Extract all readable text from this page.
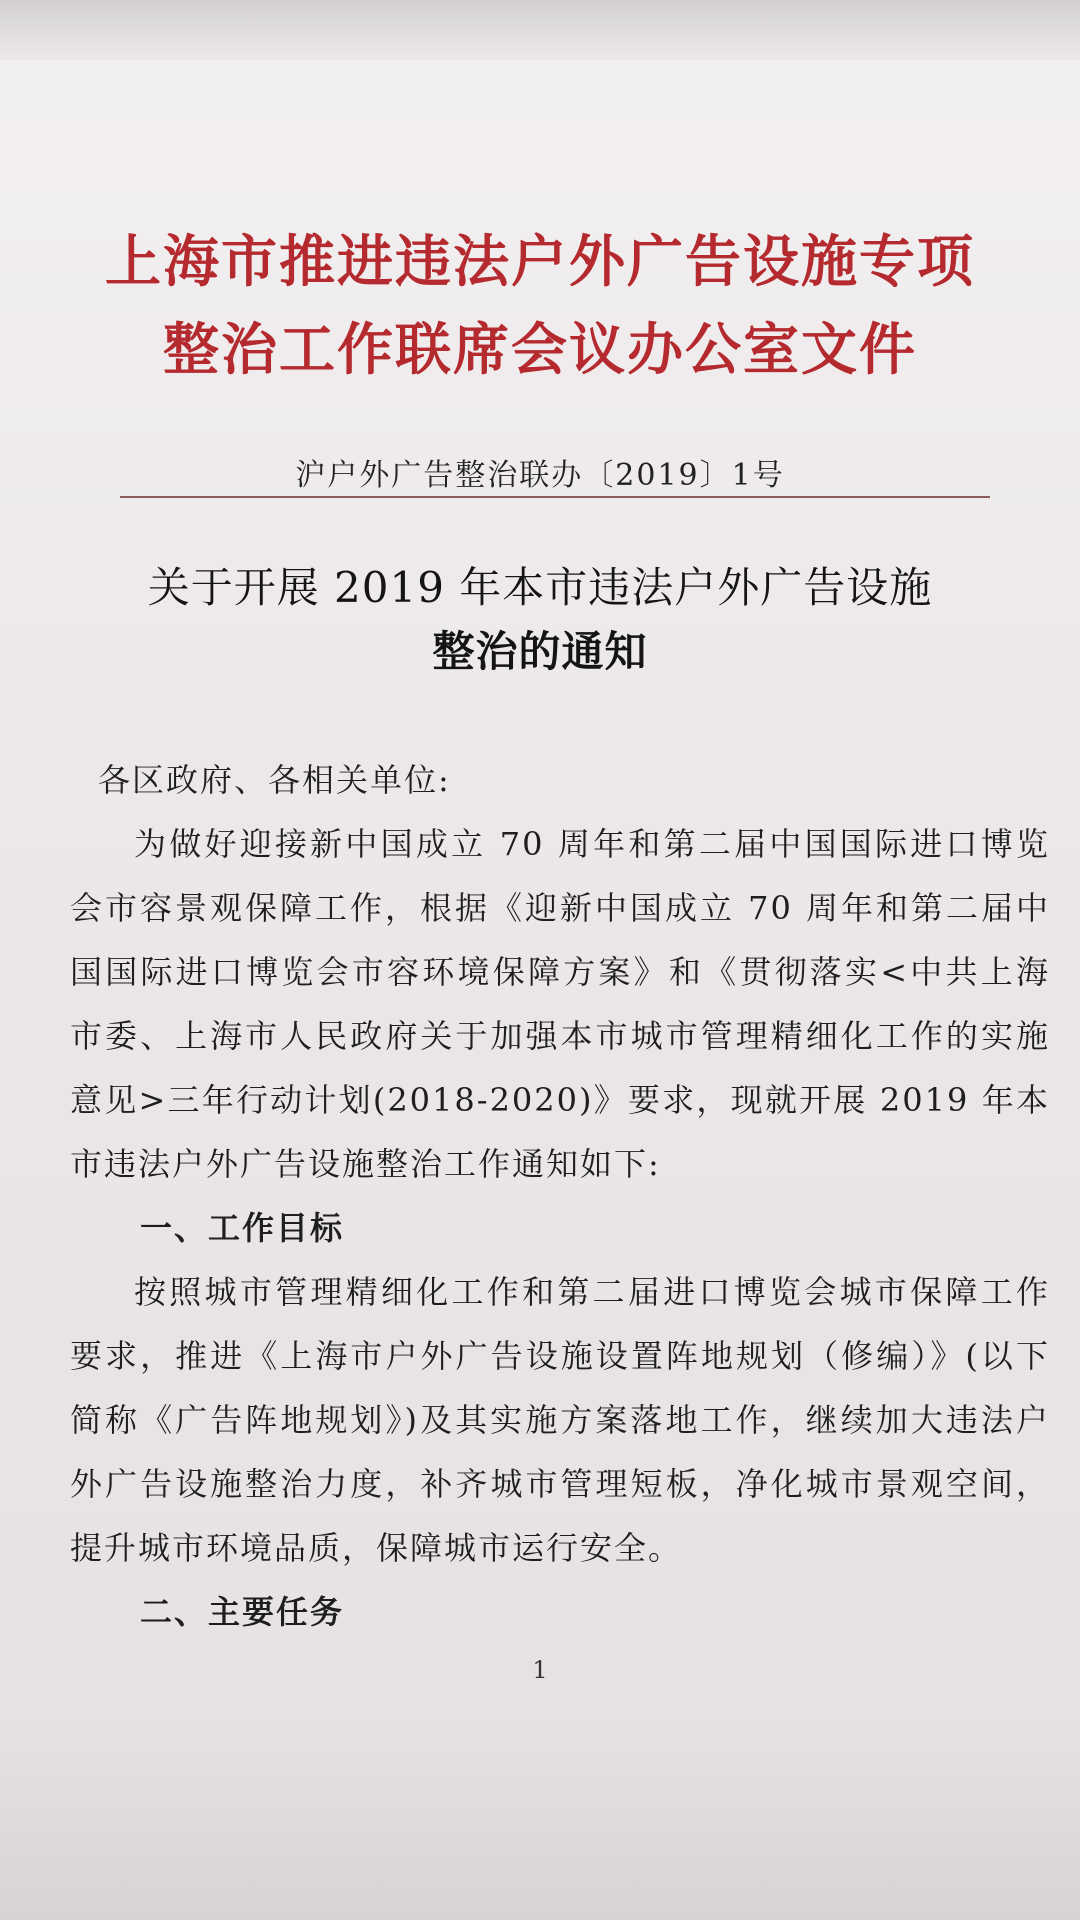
上海市推进违法户外广告设施专项
整治工作联席会议办公室文件
沪户外广告整治联办〔2019〕1号
关于开展 2019 年本市违法户外广告设施
整治的通知

各区政府、各相关单位:

为做好迎接新中国成立 70 周年和第二届中国国际进口博览会市容景观保障工作，根据《迎新中国成立 70 周年和第二届中国国际进口博览会市容环境保障方案》和《贯彻落实<中共上海市委、上海市人民政府关于加强本市城市管理精细化工作的实施意见>三年行动计划(2018-2020)》要求，现就开展 2019 年本市违法户外广告设施整治工作通知如下:

一、工作目标

按照城市管理精细化工作和第二届进口博览会城市保障工作要求，推进《上海市户外广告设施设置阵地规划（修编）》(以下简称《广告阵地规划》)及其实施方案落地工作，继续加大违法户外广告设施整治力度，补齐城市管理短板，净化城市景观空间，提升城市环境品质，保障城市运行安全。

二、主要任务

1
